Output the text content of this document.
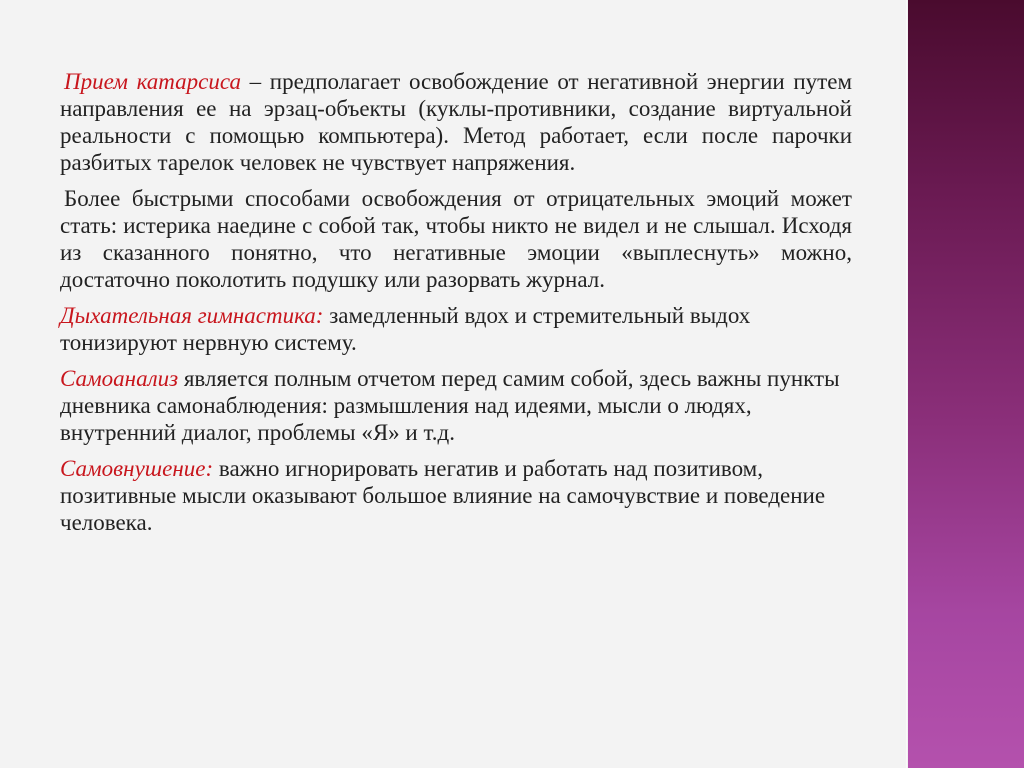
Прием катарсиса – предполагает освобождение от негативной энергии путем направления ее на эрзац-объекты (куклы-противники, создание виртуальной реальности с помощью компьютера). Метод работает, если после парочки разбитых тарелок человек не чувствует напряжения.

Более быстрыми способами освобождения от отрицательных эмоций может стать: истерика наедине с собой так, чтобы никто не видел и не слышал. Исходя из сказанного понятно, что негативные эмоции «выплеснуть» можно, достаточно поколотить подушку или разорвать журнал.

Дыхательная гимнастика: замедленный вдох и стремительный выдох тонизируют нервную систему.

Самоанализ является полным отчетом перед самим собой, здесь важны пункты дневника самонаблюдения: размышления над идеями, мысли о людях, внутренний диалог, проблемы «Я» и т.д.

Самовнушение: важно игнорировать негатив и работать над позитивом, позитивные мысли оказывают большое влияние на самочувствие и поведение человека.
